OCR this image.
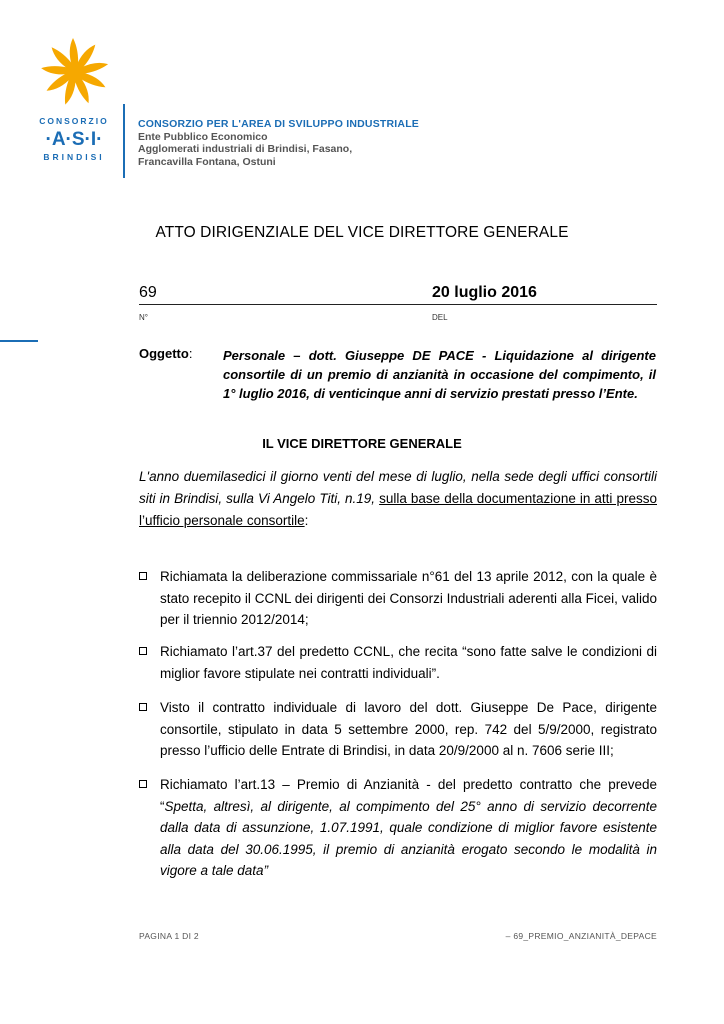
CONSORZIO
·A·S·I·
BRINDISI
CONSORZIO PER L'AREA DI SVILUPPO INDUSTRIALE
Ente Pubblico Economico
Agglomerati industriali di Brindisi, Fasano,
Francavilla Fontana, Ostuni
ATTO DIRIGENZIALE DEL VICE DIRETTORE GENERALE
69	20 luglio 2016
N°	DEL
Oggetto: Personale – dott. Giuseppe DE PACE - Liquidazione al dirigente consortile di un premio di anzianità in occasione del compimento, il 1° luglio 2016, di venticinque anni di servizio prestati presso l’Ente.
IL VICE DIRETTORE GENERALE
L'anno duemilasedici il giorno venti del mese di luglio, nella sede degli uffici consortili siti in Brindisi, sulla Vi Angelo Titi, n.19, sulla base della documentazione in atti presso l’ufficio personale consortile:
Richiamata la deliberazione commissariale n°61 del 13 aprile 2012, con la quale è stato recepito il CCNL dei dirigenti dei Consorzi Industriali aderenti alla Ficei, valido per il triennio 2012/2014;
Richiamato l’art.37 del predetto CCNL, che recita “sono fatte salve le condizioni di miglior favore stipulate nei contratti individuali”.
Visto il contratto individuale di lavoro del dott. Giuseppe De Pace, dirigente consortile, stipulato in data 5 settembre 2000, rep. 742 del 5/9/2000, registrato presso l’ufficio delle Entrate di Brindisi, in data 20/9/2000 al n. 7606 serie III;
Richiamato l’art.13 – Premio di Anzianità - del predetto contratto che prevede “Spetta, altresì, al dirigente, al compimento del 25° anno di servizio decorrente dalla data di assunzione, 1.07.1991, quale condizione di miglior favore esistente alla data del 30.06.1995, il premio di anzianità erogato secondo le modalità in vigore a tale data”
PAGINA 1 DI 2	– 69_PREMIO_ANZIANITÀ_DEPACE
